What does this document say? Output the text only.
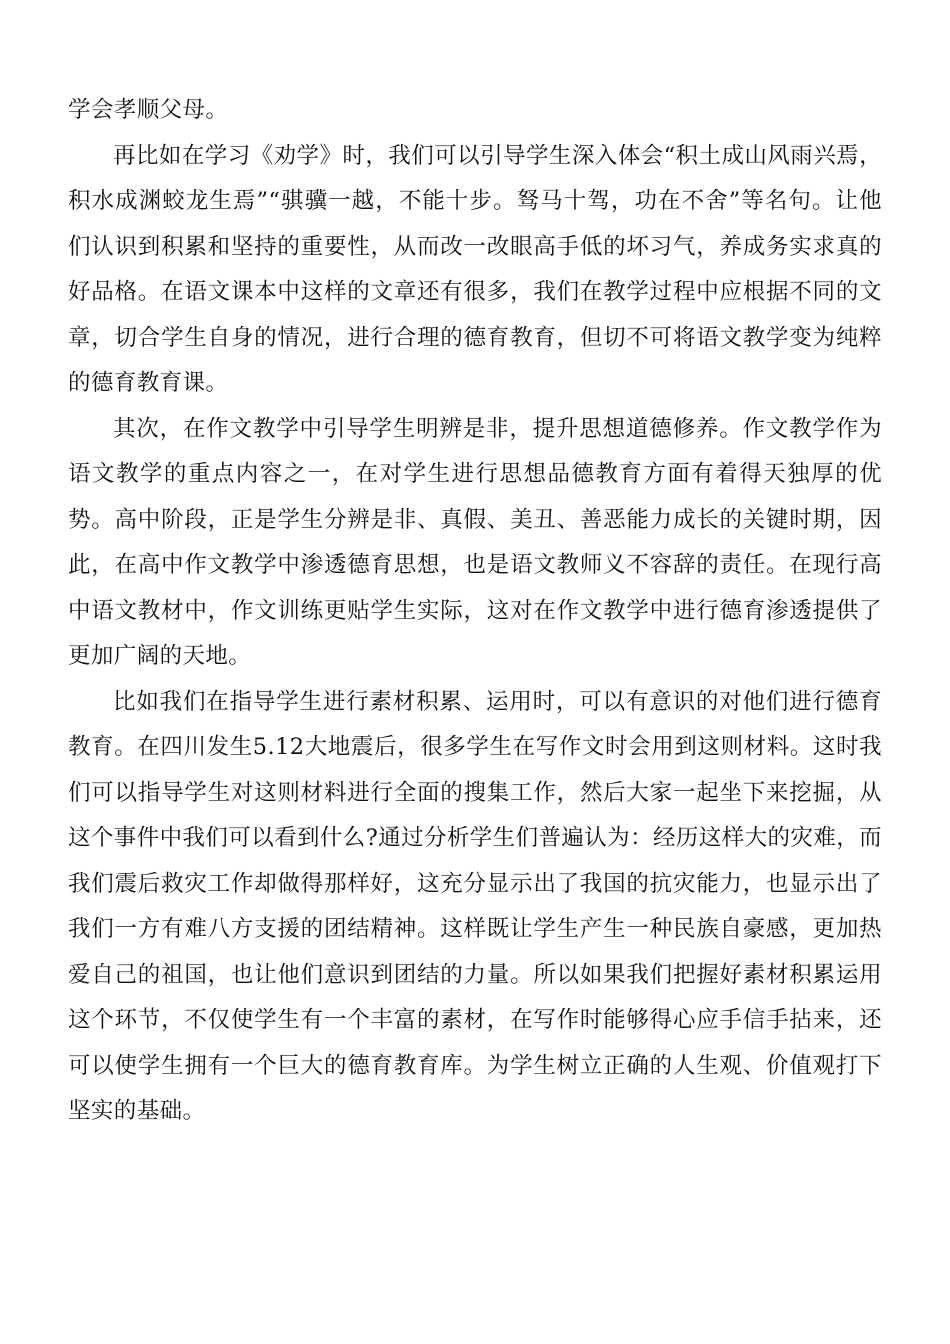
学会孝顺父母。

再比如在学习《劝学》时，我们可以引导学生深入体会“积土成山风雨兴焉，积水成渊蛟龙生焉”“骐骥一越，不能十步。驽马十驾，功在不舍”等名句。让他们认识到积累和坚持的重要性，从而改一改眼高手低的坏习气，养成务实求真的好品格。在语文课本中这样的文章还有很多，我们在教学过程中应根据不同的文章，切合学生自身的情况，进行合理的德育教育，但切不可将语文教学变为纯粹的德育教育课。

其次，在作文教学中引导学生明辨是非，提升思想道德修养。作文教学作为语文教学的重点内容之一，在对学生进行思想品德教育方面有着得天独厚的优势。高中阶段，正是学生分辨是非、真假、美丑、善恶能力成长的关键时期，因此，在高中作文教学中渗透德育思想，也是语文教师义不容辞的责任。在现行高中语文教材中，作文训练更贴学生实际，这对在作文教学中进行德育渗透提供了更加广阔的天地。

比如我们在指导学生进行素材积累、运用时，可以有意识的对他们进行德育教育。在四川发生5.12大地震后，很多学生在写作文时会用到这则材料。这时我们可以指导学生对这则材料进行全面的搜集工作，然后大家一起坐下来挖掘，从这个事件中我们可以看到什么?通过分析学生们普遍认为：经历这样大的灾难，而我们震后救灾工作却做得那样好，这充分显示出了我国的抗灾能力，也显示出了我们一方有难八方支援的团结精神。这样既让学生产生一种民族自豪感，更加热爱自己的祖国，也让他们意识到团结的力量。所以如果我们把握好素材积累运用这个环节，不仅使学生有一个丰富的素材，在写作时能够得心应手信手拈来，还可以使学生拥有一个巨大的德育教育库。为学生树立正确的人生观、价值观打下坚实的基础。
